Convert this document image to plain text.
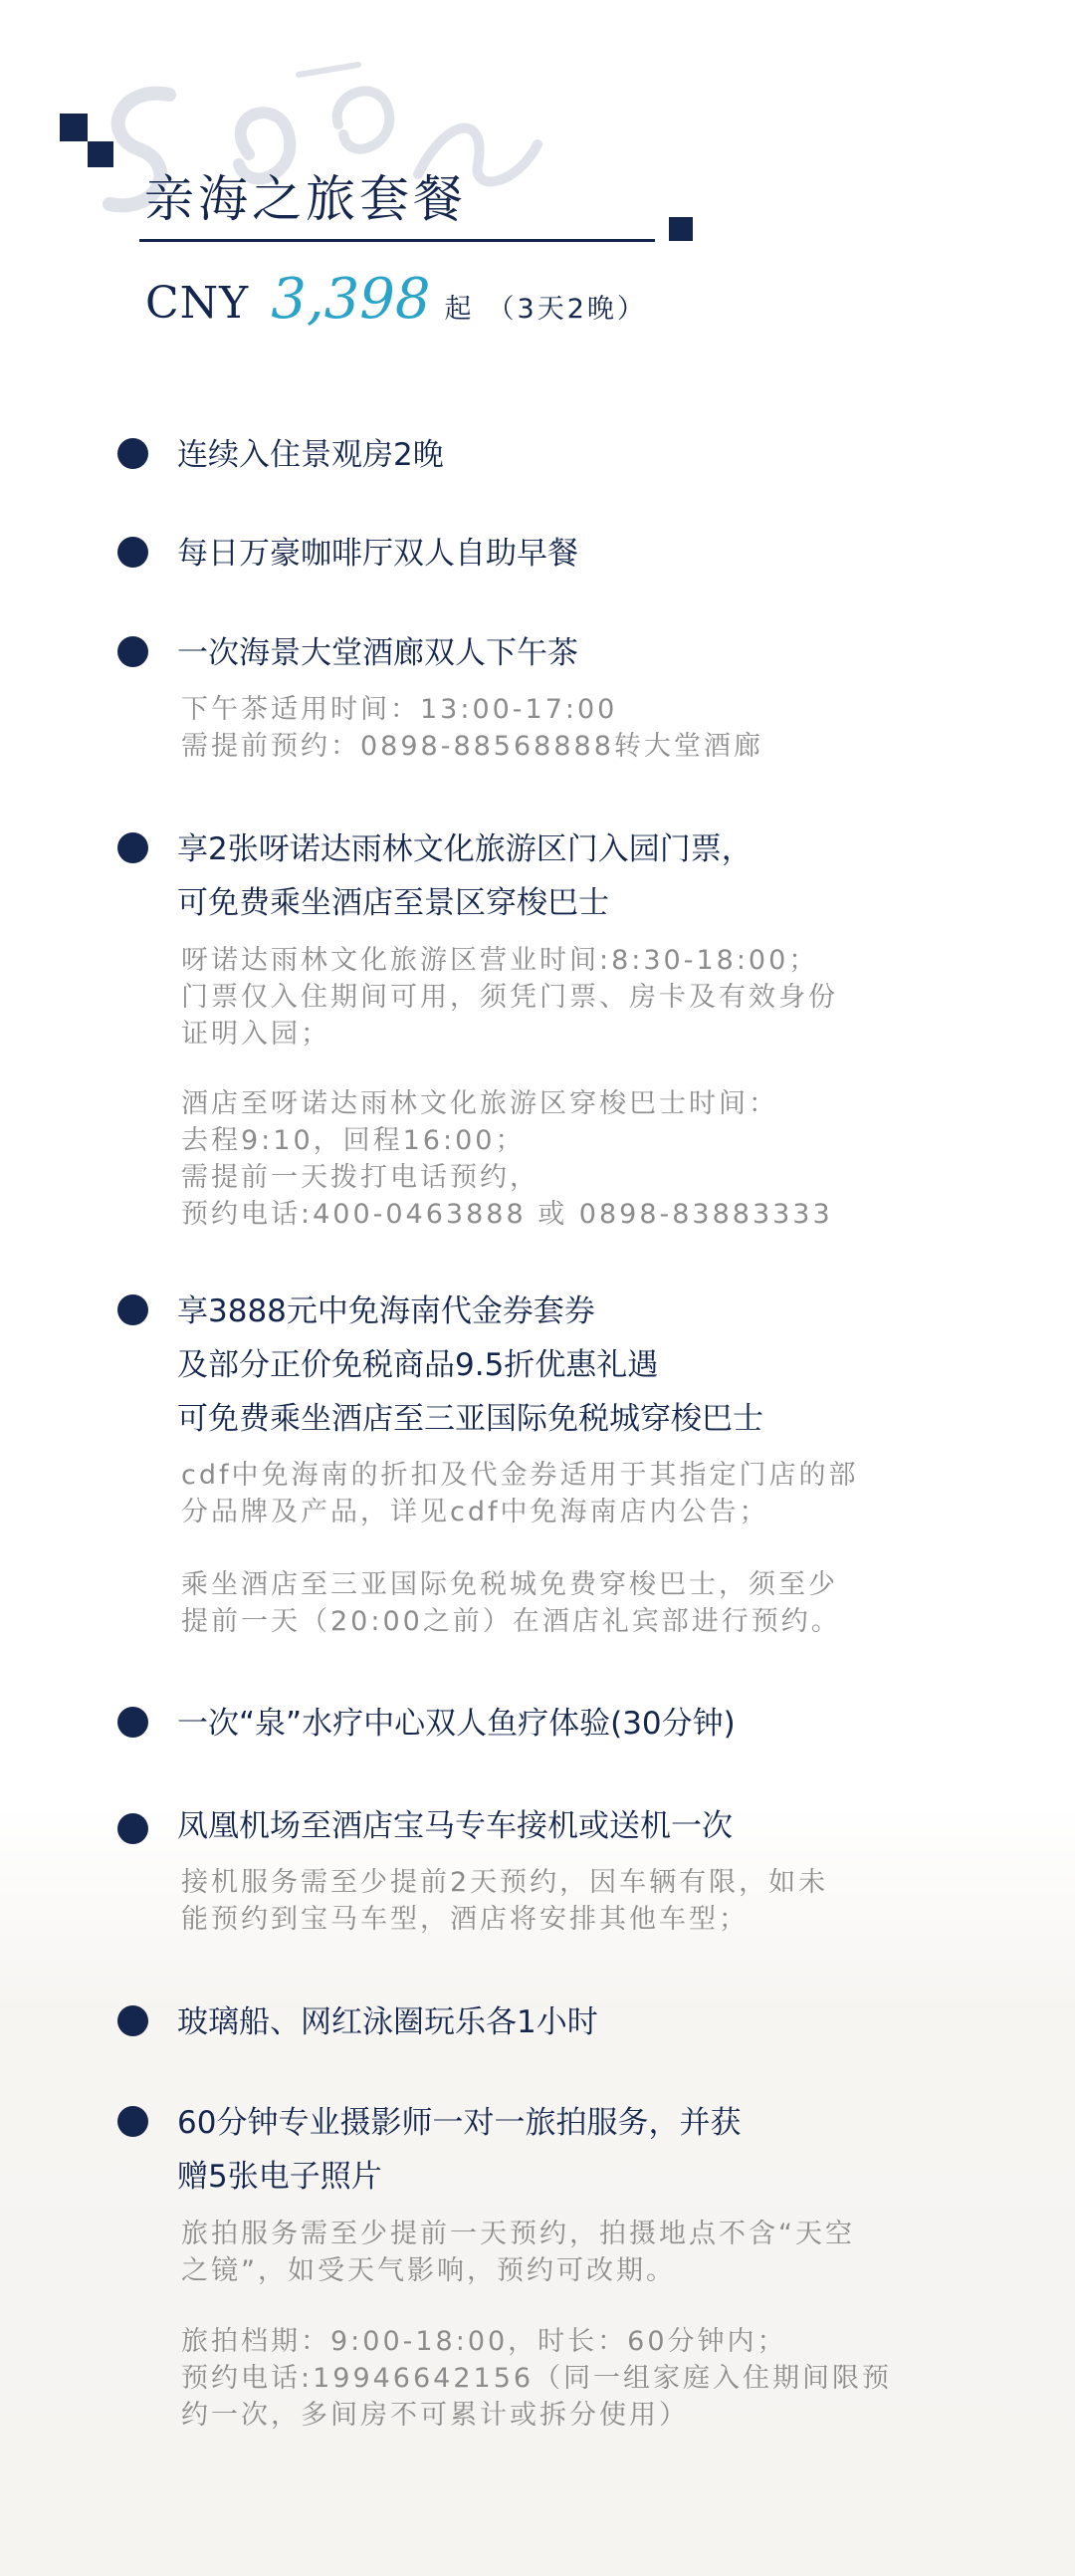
亲海之旅套餐
CNY 3,398 起 （3天2晚）
连续入住景观房2晚
每日万豪咖啡厅双人自助早餐
一次海景大堂酒廊双人下午茶
下午茶适用时间：13:00-17:00
需提前预约：0898-88568888转大堂酒廊
享2张呀诺达雨林文化旅游区门入园门票，
可免费乘坐酒店至景区穿梭巴士
呀诺达雨林文化旅游区营业时间:8:30-18:00；
门票仅入住期间可用，须凭门票、房卡及有效身份
证明入园；
酒店至呀诺达雨林文化旅游区穿梭巴士时间：
去程9:10，回程16:00；
需提前一天拨打电话预约，
预约电话:400-0463888 或 0898-83883333
享3888元中免海南代金券套券
及部分正价免税商品9.5折优惠礼遇
可免费乘坐酒店至三亚国际免税城穿梭巴士
cdf中免海南的折扣及代金券适用于其指定门店的部
分品牌及产品，详见cdf中免海南店内公告；
乘坐酒店至三亚国际免税城免费穿梭巴士，须至少
提前一天（20:00之前）在酒店礼宾部进行预约。
一次“泉”水疗中心双人鱼疗体验(30分钟)
凤凰机场至酒店宝马专车接机或送机一次
接机服务需至少提前2天预约，因车辆有限，如未
能预约到宝马车型，酒店将安排其他车型；
玻璃船、网红泳圈玩乐各1小时
60分钟专业摄影师一对一旅拍服务，并获
赠5张电子照片
旅拍服务需至少提前一天预约，拍摄地点不含“天空
之镜”，如受天气影响，预约可改期。
旅拍档期：9:00-18:00，时长：60分钟内；
预约电话:19946642156（同一组家庭入住期间限预
约一次，多间房不可累计或拆分使用）
